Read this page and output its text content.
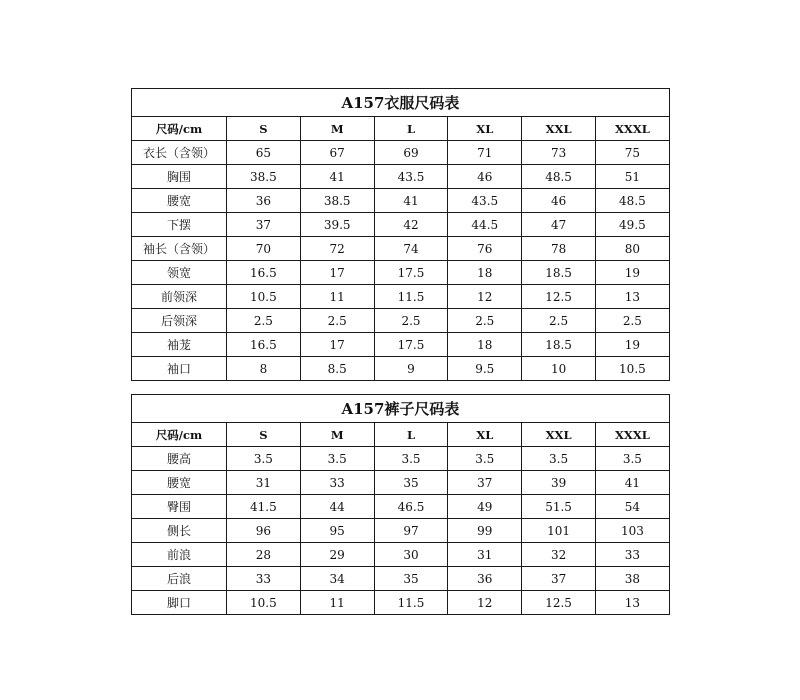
A157衣服尺码表						
尺码/cm	S	M	L	XL	XXL	XXXL
衣长（含领）	65	67	69	71	73	75
胸围	38.5	41	43.5	46	48.5	51
腰宽	36	38.5	41	43.5	46	48.5
下摆	37	39.5	42	44.5	47	49.5
袖长（含领）	70	72	74	76	78	80
领宽	16.5	17	17.5	18	18.5	19
前领深	10.5	11	11.5	12	12.5	13
后领深	2.5	2.5	2.5	2.5	2.5	2.5
袖茏	16.5	17	17.5	18	18.5	19
袖口	8	8.5	9	9.5	10	10.5
A157裤子尺码表						
尺码/cm	S	M	L	XL	XXL	XXXL
腰高	3.5	3.5	3.5	3.5	3.5	3.5
腰宽	31	33	35	37	39	41
臀围	41.5	44	46.5	49	51.5	54
侧长	96	95	97	99	101	103
前浪	28	29	30	31	32	33
后浪	33	34	35	36	37	38
脚口	10.5	11	11.5	12	12.5	13
